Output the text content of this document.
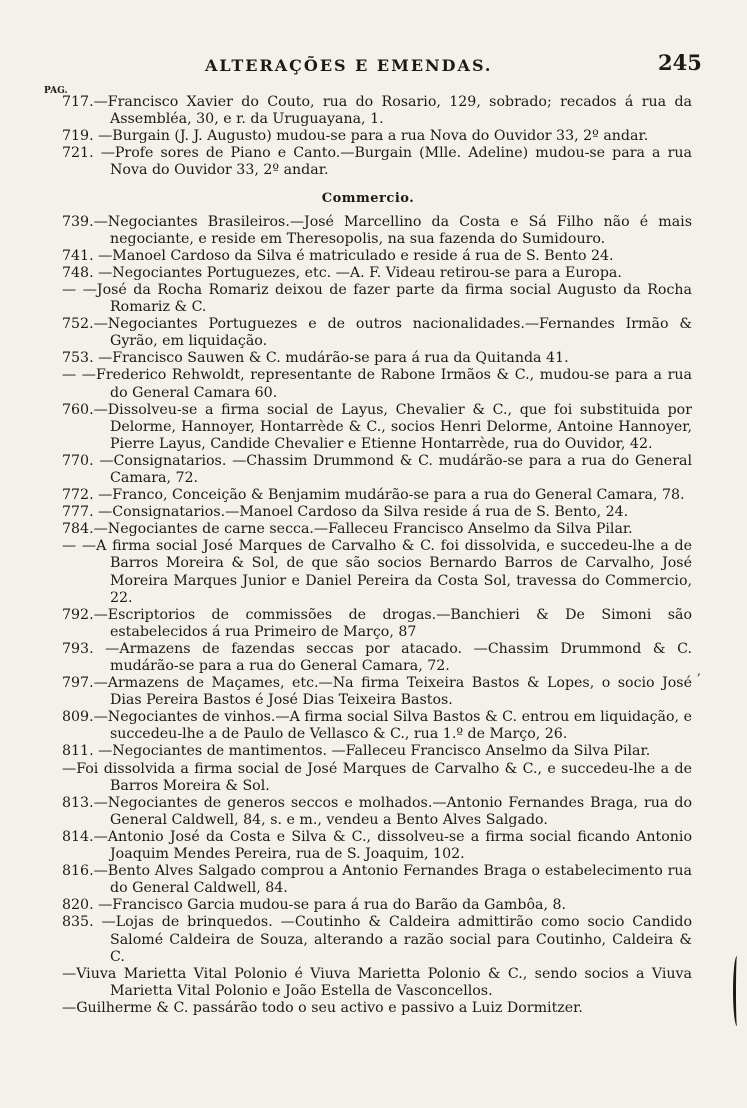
ALTERAÇÕES E EMENDAS.	245
PAG.

717.—Francisco Xavier do Couto, rua do Rosario, 129, sobrado; recados á rua da Assembléa, 30, e r. da Uruguayana, 1.

719. —Burgain (J. J. Augusto) mudou-se para a rua Nova do Ouvidor 33, 2º andar.

721. —Profe sores de Piano e Canto.—Burgain (Mlle. Adeline) mudou-se para a rua Nova do Ouvidor 33, 2º andar.

Commercio.

739.—Negociantes Brasileiros.—José Marcellino da Costa e Sá Filho não é mais negociante, e reside em Theresopolis, na sua fazenda do Sumidouro.

741. —Manoel Cardoso da Silva é matriculado e reside á rua de S. Bento 24.

748. —Negociantes Portuguezes, etc. —A. F. Videau retirou-se para a Europa.

— —José da Rocha Romariz deixou de fazer parte da firma social Augusto da Rocha Romariz & C.

752.—Negociantes Portuguezes e de outros nacionalidades.—Fernandes Irmão & Gyrão, em liquidação.

753. —Francisco Sauwen & C. mudárão-se para á rua da Quitanda 41.

— —Frederico Rehwoldt, representante de Rabone Irmãos & C., mudou-se para a rua do General Camara 60.

760.—Dissolveu-se a firma social de Layus, Chevalier & C., que foi substituida por Delorme, Hannoyer, Hontarrède & C., socios Henri Delorme, Antoine Hannoyer, Pierre Layus, Candide Chevalier e Etienne Hontarrède, rua do Ouvidor, 42.

770. —Consignatarios. —Chassim Drummond & C. mudárão-se para a rua do General Camara, 72.

772. —Franco, Conceição & Benjamim mudárão-se para a rua do General Camara, 78.

777. —Consignatarios.—Manoel Cardoso da Silva reside á rua de S. Bento, 24.

784.—Negociantes de carne secca.—Falleceu Francisco Anselmo da Silva Pilar.

— —A firma social José Marques de Carvalho & C. foi dissolvida, e succedeu-lhe a de Barros Moreira & Sol, de que são socios Bernardo Barros de Carvalho, José Moreira Marques Junior e Daniel Pereira da Costa Sol, travessa do Commercio, 22.

792.—Escriptorios de commissões de drogas.—Banchieri & De Simoni são estabelecidos á rua Primeiro de Março, 87

793. —Armazens de fazendas seccas por atacado. —Chassim Drummond & C. mudárão-se para a rua do General Camara, 72.

797.—Armazens de Maçames, etc.—Na firma Teixeira Bastos & Lopes, o socio José Dias Pereira Bastos é José Dias Teixeira Bastos.

809.—Negociantes de vinhos.—A firma social Silva Bastos & C. entrou em liquidação, e succedeu-lhe a de Paulo de Vellasco & C., rua 1.º de Março, 26.

811. —Negociantes de mantimentos. —Falleceu Francisco Anselmo da Silva Pilar.

—Foi dissolvida a firma social de José Marques de Carvalho & C., e succedeu-lhe a de Barros Moreira & Sol.

813.—Negociantes de generos seccos e molhados.—Antonio Fernandes Braga, rua do General Caldwell, 84, s. e m., vendeu a Bento Alves Salgado.

814.—Antonio José da Costa e Silva & C., dissolveu-se a firma social ficando Antonio Joaquim Mendes Pereira, rua de S. Joaquim, 102.

816.—Bento Alves Salgado comprou a Antonio Fernandes Braga o estabelecimento rua do General Caldwell, 84.

820. —Francisco Garcia mudou-se para á rua do Barão da Gambôa, 8.

835. —Lojas de brinquedos. —Coutinho & Caldeira admittirão como socio Candido Salomé Caldeira de Souza, alterando a razão social para Coutinho, Caldeira & C.

—Viuva Marietta Vital Polonio é Viuva Marietta Polonio & C., sendo socios a Viuva Marietta Vital Polonio e João Estella de Vasconcellos.

—Guilherme & C. passárão todo o seu activo e passivo a Luiz Dormitzer.

,
